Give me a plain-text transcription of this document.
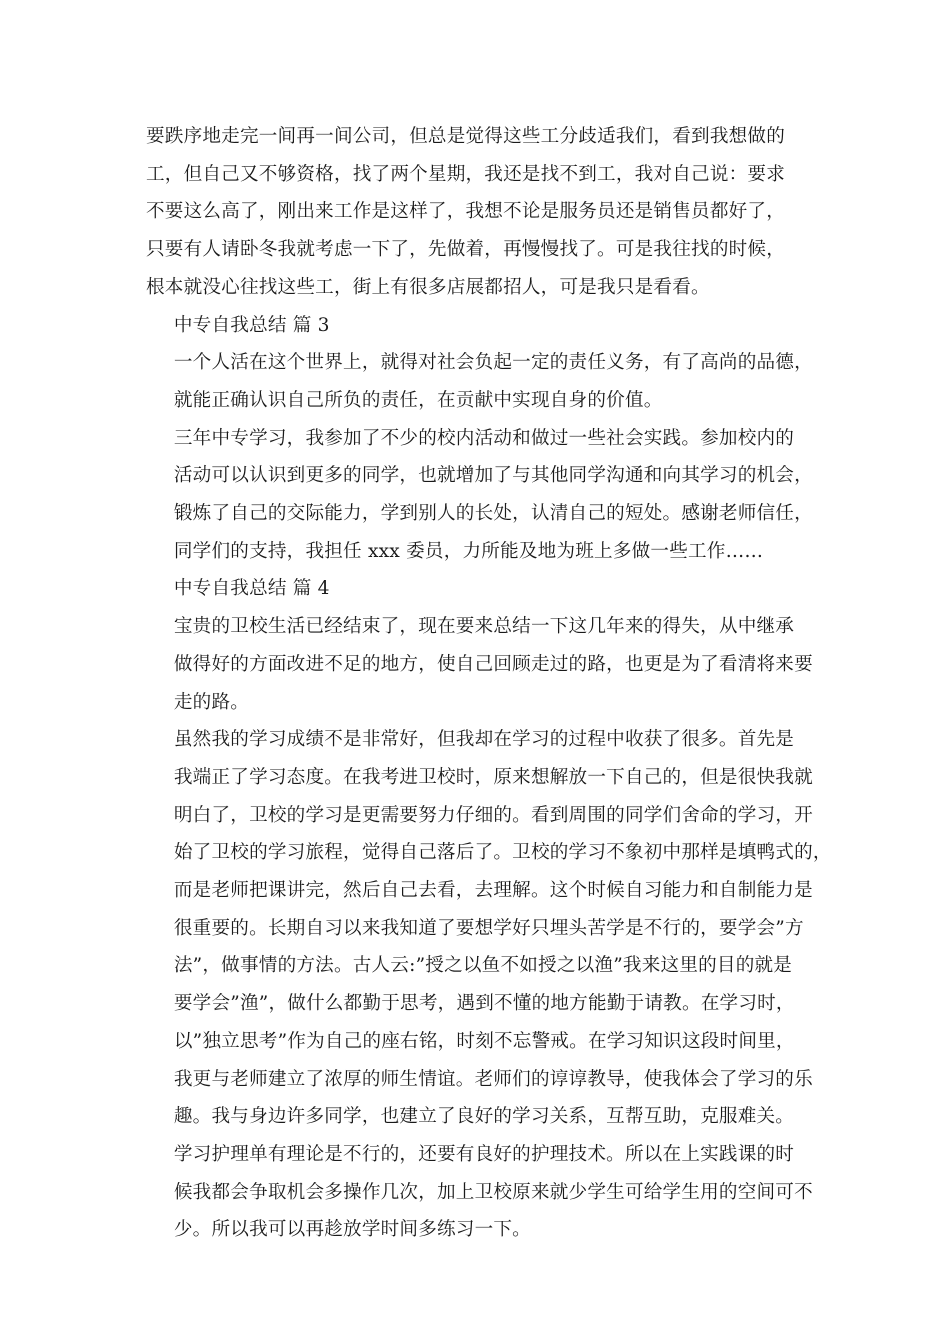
要跌序地走完一间再一间公司，但总是觉得这些工分歧适我们，看到我想做的
工，但自己又不够资格，找了两个星期，我还是找不到工，我对自己说：要求
不要这么高了，刚出来工作是这样了，我想不论是服务员还是销售员都好了，
只要有人请卧冬我就考虑一下了，先做着，再慢慢找了。可是我往找的时候，
根本就没心往找这些工，街上有很多店展都招人，可是我只是看看。

中专自我总结 篇 3

一个人活在这个世界上，就得对社会负起一定的责任义务，有了高尚的品德，
就能正确认识自己所负的责任，在贡献中实现自身的价值。

三年中专学习，我参加了不少的校内活动和做过一些社会实践。参加校内的
活动可以认识到更多的同学，也就增加了与其他同学沟通和向其学习的机会，
锻炼了自己的交际能力，学到别人的长处，认清自己的短处。感谢老师信任，
同学们的支持，我担任 xxx 委员，力所能及地为班上多做一些工作……

中专自我总结 篇 4

宝贵的卫校生活已经结束了，现在要来总结一下这几年来的得失，从中继承
做得好的方面改进不足的地方，使自己回顾走过的路，也更是为了看清将来要
走的路。

虽然我的学习成绩不是非常好，但我却在学习的过程中收获了很多。首先是
我端正了学习态度。在我考进卫校时，原来想解放一下自己的，但是很快我就
明白了，卫校的学习是更需要努力仔细的。看到周围的同学们舍命的学习，开
始了卫校的学习旅程，觉得自己落后了。卫校的学习不象初中那样是填鸭式的，
而是老师把课讲完，然后自己去看，去理解。这个时候自习能力和自制能力是
很重要的。长期自习以来我知道了要想学好只埋头苦学是不行的，要学会”方
法”，做事情的方法。古人云:”授之以鱼不如授之以渔”我来这里的目的就是
要学会”渔”，做什么都勤于思考，遇到不懂的地方能勤于请教。在学习时，
以”独立思考”作为自己的座右铭，时刻不忘警戒。在学习知识这段时间里，
我更与老师建立了浓厚的师生情谊。老师们的谆谆教导，使我体会了学习的乐
趣。我与身边许多同学，也建立了良好的学习关系，互帮互助，克服难关。

学习护理单有理论是不行的，还要有良好的护理技术。所以在上实践课的时
候我都会争取机会多操作几次，加上卫校原来就少学生可给学生用的空间可不
少。所以我可以再趁放学时间多练习一下。
